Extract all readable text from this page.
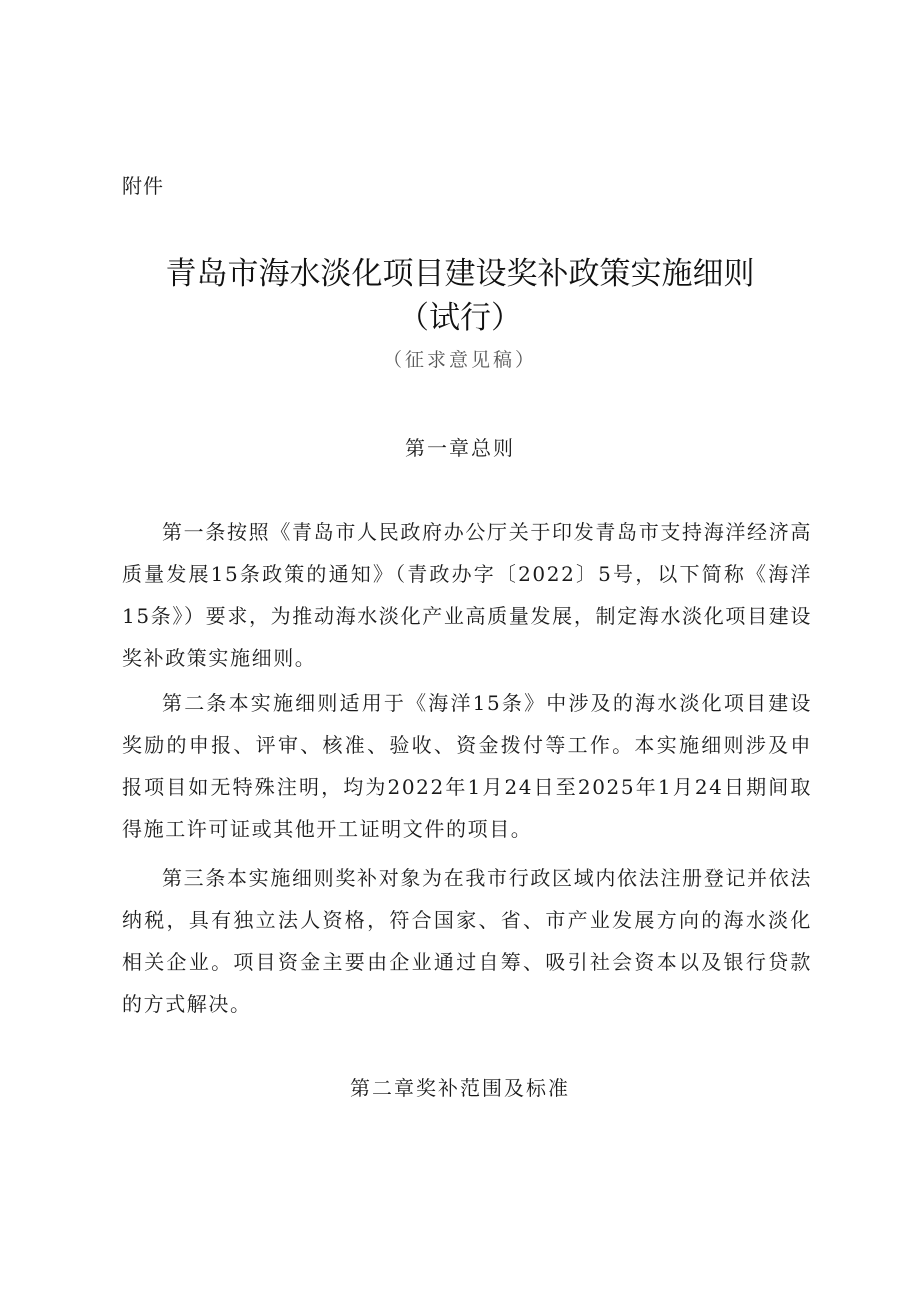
附件
青岛市海水淡化项目建设奖补政策实施细则
（试行）
（征求意见稿）
第一章总则

第一条按照《青岛市人民政府办公厅关于印发青岛市支持海洋经济高质量发展15条政策的通知》（青政办字〔2022〕5号，以下简称《海洋15条》）要求，为推动海水淡化产业高质量发展，制定海水淡化项目建设奖补政策实施细则。

第二条本实施细则适用于《海洋15条》中涉及的海水淡化项目建设奖励的申报、评审、核准、验收、资金拨付等工作。本实施细则涉及申报项目如无特殊注明，均为2022年1月24日至2025年1月24日期间取得施工许可证或其他开工证明文件的项目。

第三条本实施细则奖补对象为在我市行政区域内依法注册登记并依法纳税，具有独立法人资格，符合国家、省、市产业发展方向的海水淡化相关企业。项目资金主要由企业通过自筹、吸引社会资本以及银行贷款的方式解决。

第二章奖补范围及标准
